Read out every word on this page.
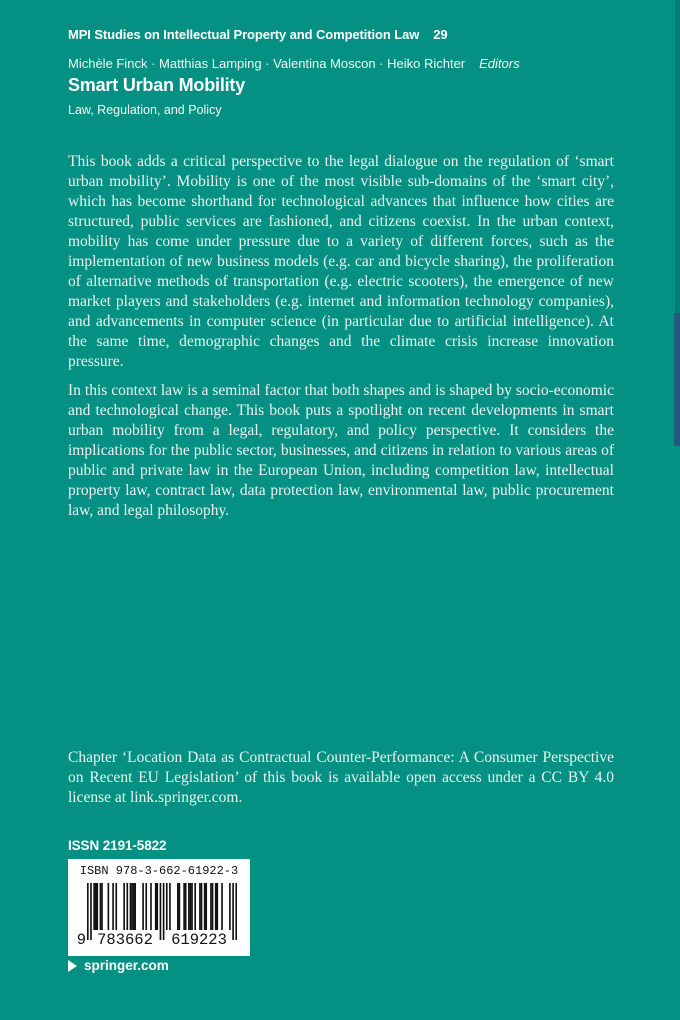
MPI Studies on Intellectual Property and Competition Law 29
Michèle Finck · Matthias Lamping · Valentina Moscon · Heiko Richter Editors
Smart Urban Mobility
Law, Regulation, and Policy

This book adds a critical perspective to the legal dialogue on the regulation of ‘smart urban mobility’. Mobility is one of the most visible sub-domains of the ‘smart city’, which has become shorthand for technological advances that influence how cities are structured, public services are fashioned, and citizens coexist. In the urban context, mobility has come under pressure due to a variety of different forces, such as the implementation of new business models (e.g. car and bicycle sharing), the proliferation of alternative methods of transportation (e.g. electric scooters), the emergence of new market players and stakeholders (e.g. internet and information technology companies), and advancements in computer science (in particular due to artificial intelligence). At the same time, demographic changes and the climate crisis increase innovation pressure.

In this context law is a seminal factor that both shapes and is shaped by socio-economic and technological change. This book puts a spotlight on recent developments in smart urban mobility from a legal, regulatory, and policy perspective. It considers the implications for the public sector, businesses, and citizens in relation to various areas of public and private law in the European Union, including competition law, intellectual property law, contract law, data protection law, environmental law, public procurement law, and legal philosophy.

Chapter ‘Location Data as Contractual Counter-Performance: A Consumer Perspective on Recent EU Legislation’ of this book is available open access under a CC BY 4.0 license at link.springer.com.
ISSN 2191-5822
ISBN 978-3-662-61922-3
9 783662	619223
springer.com
